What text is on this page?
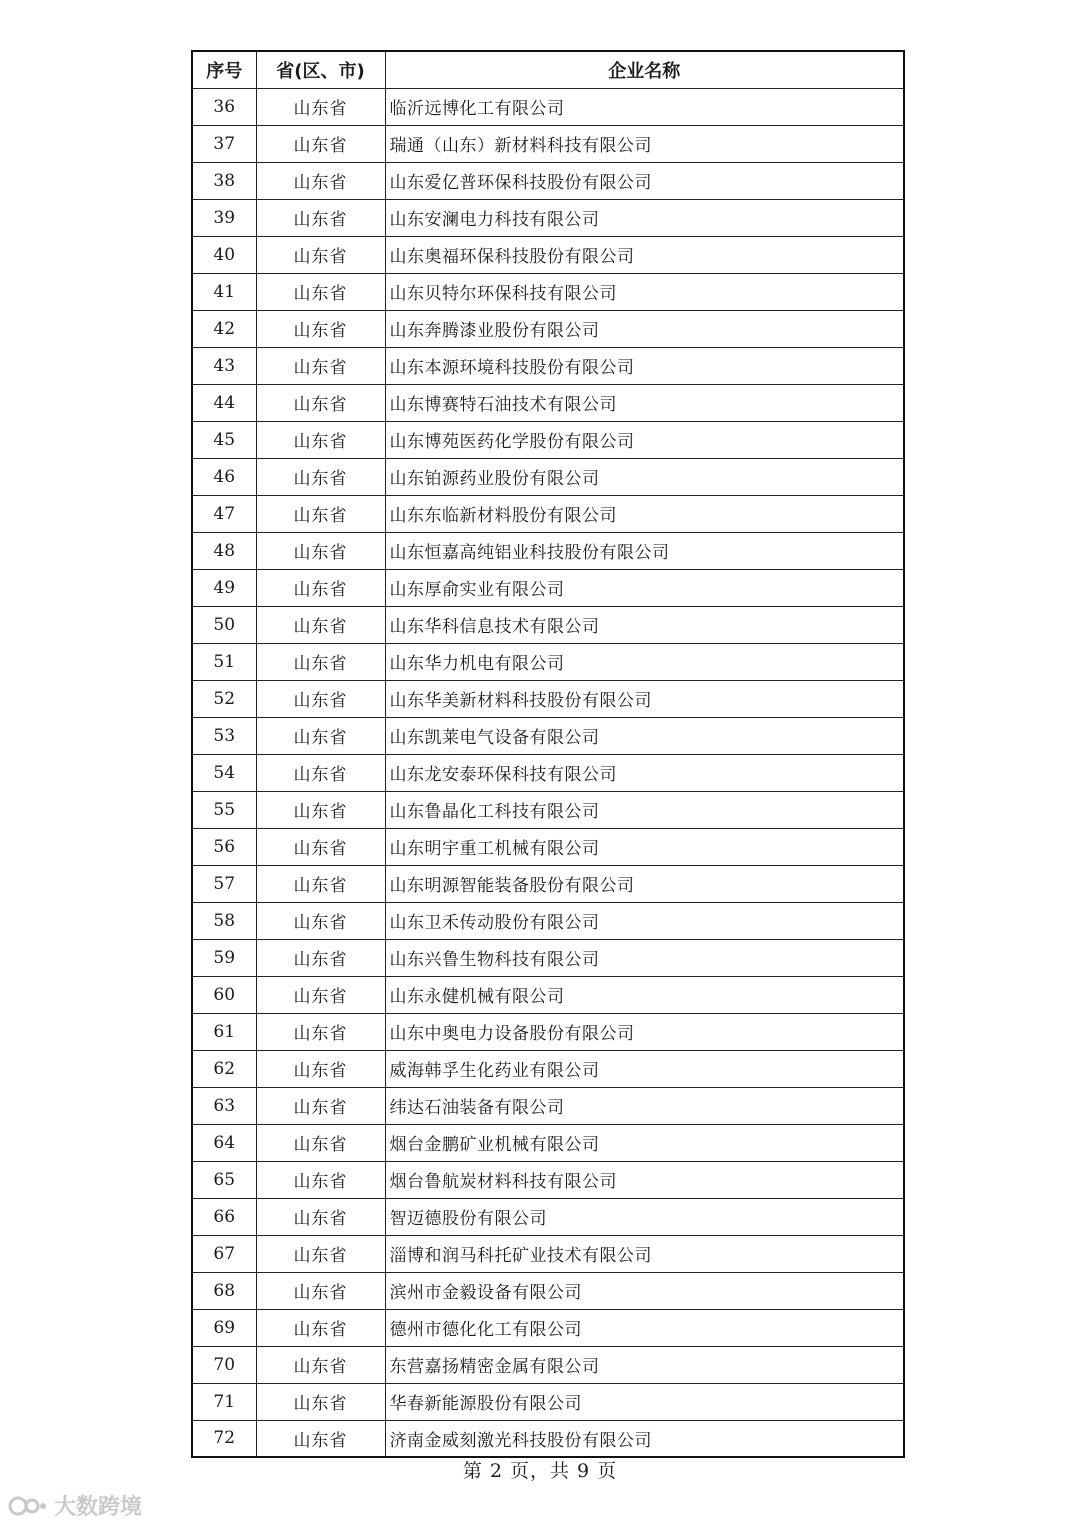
序号	省(区、市)	企业名称
36	山东省	临沂远博化工有限公司
37	山东省	瑞通（山东）新材料科技有限公司
38	山东省	山东爱亿普环保科技股份有限公司
39	山东省	山东安澜电力科技有限公司
40	山东省	山东奥福环保科技股份有限公司
41	山东省	山东贝特尔环保科技有限公司
42	山东省	山东奔腾漆业股份有限公司
43	山东省	山东本源环境科技股份有限公司
44	山东省	山东博赛特石油技术有限公司
45	山东省	山东博苑医药化学股份有限公司
46	山东省	山东铂源药业股份有限公司
47	山东省	山东东临新材料股份有限公司
48	山东省	山东恒嘉高纯铝业科技股份有限公司
49	山东省	山东厚俞实业有限公司
50	山东省	山东华科信息技术有限公司
51	山东省	山东华力机电有限公司
52	山东省	山东华美新材料科技股份有限公司
53	山东省	山东凯莱电气设备有限公司
54	山东省	山东龙安泰环保科技有限公司
55	山东省	山东鲁晶化工科技有限公司
56	山东省	山东明宇重工机械有限公司
57	山东省	山东明源智能装备股份有限公司
58	山东省	山东卫禾传动股份有限公司
59	山东省	山东兴鲁生物科技有限公司
60	山东省	山东永健机械有限公司
61	山东省	山东中奥电力设备股份有限公司
62	山东省	威海韩孚生化药业有限公司
63	山东省	纬达石油装备有限公司
64	山东省	烟台金鹏矿业机械有限公司
65	山东省	烟台鲁航炭材料科技有限公司
66	山东省	智迈德股份有限公司
67	山东省	淄博和润马科托矿业技术有限公司
68	山东省	滨州市金毅设备有限公司
69	山东省	德州市德化化工有限公司
70	山东省	东营嘉扬精密金属有限公司
71	山东省	华春新能源股份有限公司
72	山东省	济南金威刻激光科技股份有限公司
第 2 页，共 9 页
大数跨境
